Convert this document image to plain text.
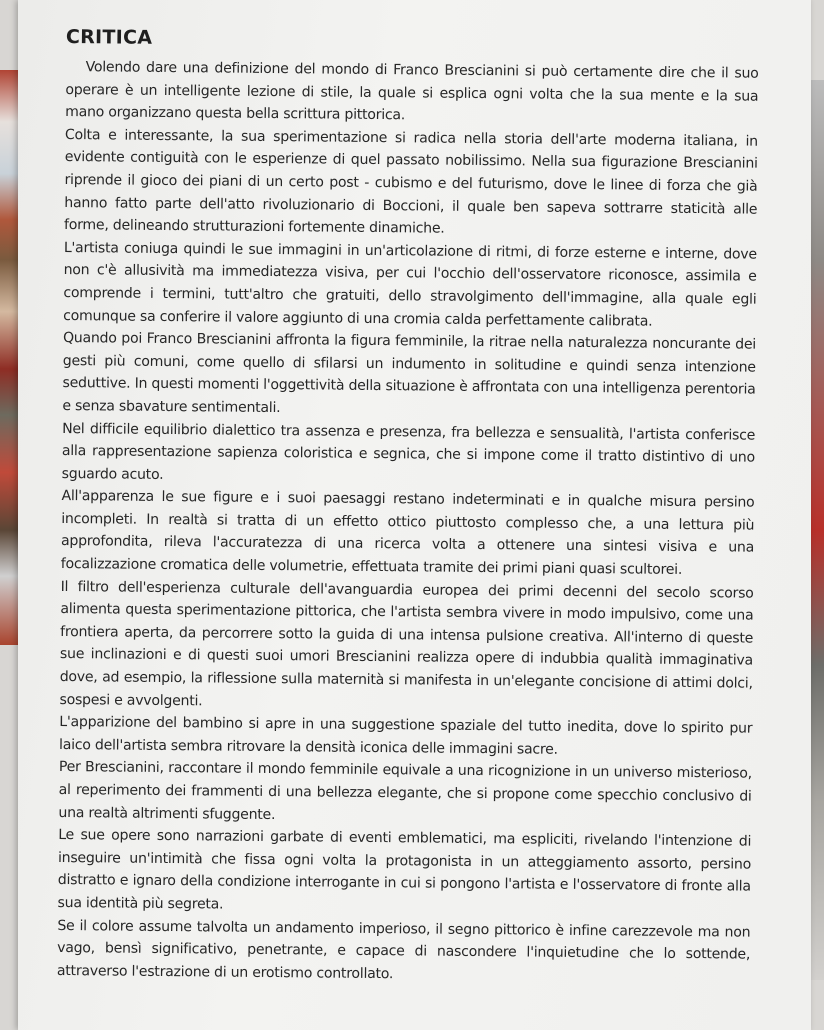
CRITICA

Volendo dare una definizione del mondo di Franco Brescianini si può certamente dire che il suo operare è un intelligente lezione di stile, la quale si esplica ogni volta che la sua mente e la sua mano organizzano questa bella scrittura pittorica.

Colta e interessante, la sua sperimentazione si radica nella storia dell'arte moderna italiana, in evidente contiguità con le esperienze di quel passato nobilissimo. Nella sua figurazione Brescianini riprende il gioco dei piani di un certo post - cubismo e del futurismo, dove le linee di forza che già hanno fatto parte dell'atto rivoluzionario di Boccioni, il quale ben sapeva sottrarre staticità alle forme, delineando strutturazioni fortemente dinamiche.

L'artista coniuga quindi le sue immagini in un'articolazione di ritmi, di forze esterne e interne, dove non c'è allusività ma immediatezza visiva, per cui l'occhio dell'osservatore riconosce, assimila e comprende i termini, tutt'altro che gratuiti, dello stravolgimento dell'immagine, alla quale egli comunque sa conferire il valore aggiunto di una cromia calda perfettamente calibrata.

Quando poi Franco Brescianini affronta la figura femminile, la ritrae nella naturalezza noncurante dei gesti più comuni, come quello di sfilarsi un indumento in solitudine e quindi senza intenzione seduttive. In questi momenti l'oggettività della situazione è affrontata con una intelligenza perentoria e senza sbavature sentimentali.

Nel difficile equilibrio dialettico tra assenza e presenza, fra bellezza e sensualità, l'artista conferisce alla rappresentazione sapienza coloristica e segnica, che si impone come il tratto distintivo di uno sguardo acuto.

All'apparenza le sue figure e i suoi paesaggi restano indeterminati e in qualche misura persino incompleti. In realtà si tratta di un effetto ottico piuttosto complesso che, a una lettura più approfondita, rileva l'accuratezza di una ricerca volta a ottenere una sintesi visiva e una focalizzazione cromatica delle volumetrie, effettuata tramite dei primi piani quasi scultorei.

Il filtro dell'esperienza culturale dell'avanguardia europea dei primi decenni del secolo scorso alimenta questa sperimentazione pittorica, che l'artista sembra vivere in modo impulsivo, come una frontiera aperta, da percorrere sotto la guida di una intensa pulsione creativa. All'interno di queste sue inclinazioni e di questi suoi umori Brescianini realizza opere di indubbia qualità immaginativa dove, ad esempio, la riflessione sulla maternità si manifesta in un'elegante concisione di attimi dolci, sospesi e avvolgenti.

L'apparizione del bambino si apre in una suggestione spaziale del tutto inedita, dove lo spirito pur laico dell'artista sembra ritrovare la densità iconica delle immagini sacre.

Per Brescianini, raccontare il mondo femminile equivale a una ricognizione in un universo misterioso, al reperimento dei frammenti di una bellezza elegante, che si propone come specchio conclusivo di una realtà altrimenti sfuggente.

Le sue opere sono narrazioni garbate di eventi emblematici, ma espliciti, rivelando l'intenzione di inseguire un'intimità che fissa ogni volta la protagonista in un atteggiamento assorto, persino distratto e ignaro della condizione interrogante in cui si pongono l'artista e l'osservatore di fronte alla sua identità più segreta.

Se il colore assume talvolta un andamento imperioso, il segno pittorico è infine carezzevole ma non vago, bensì significativo, penetrante, e capace di nascondere l'inquietudine che lo sottende, attraverso l'estrazione di un erotismo controllato.
